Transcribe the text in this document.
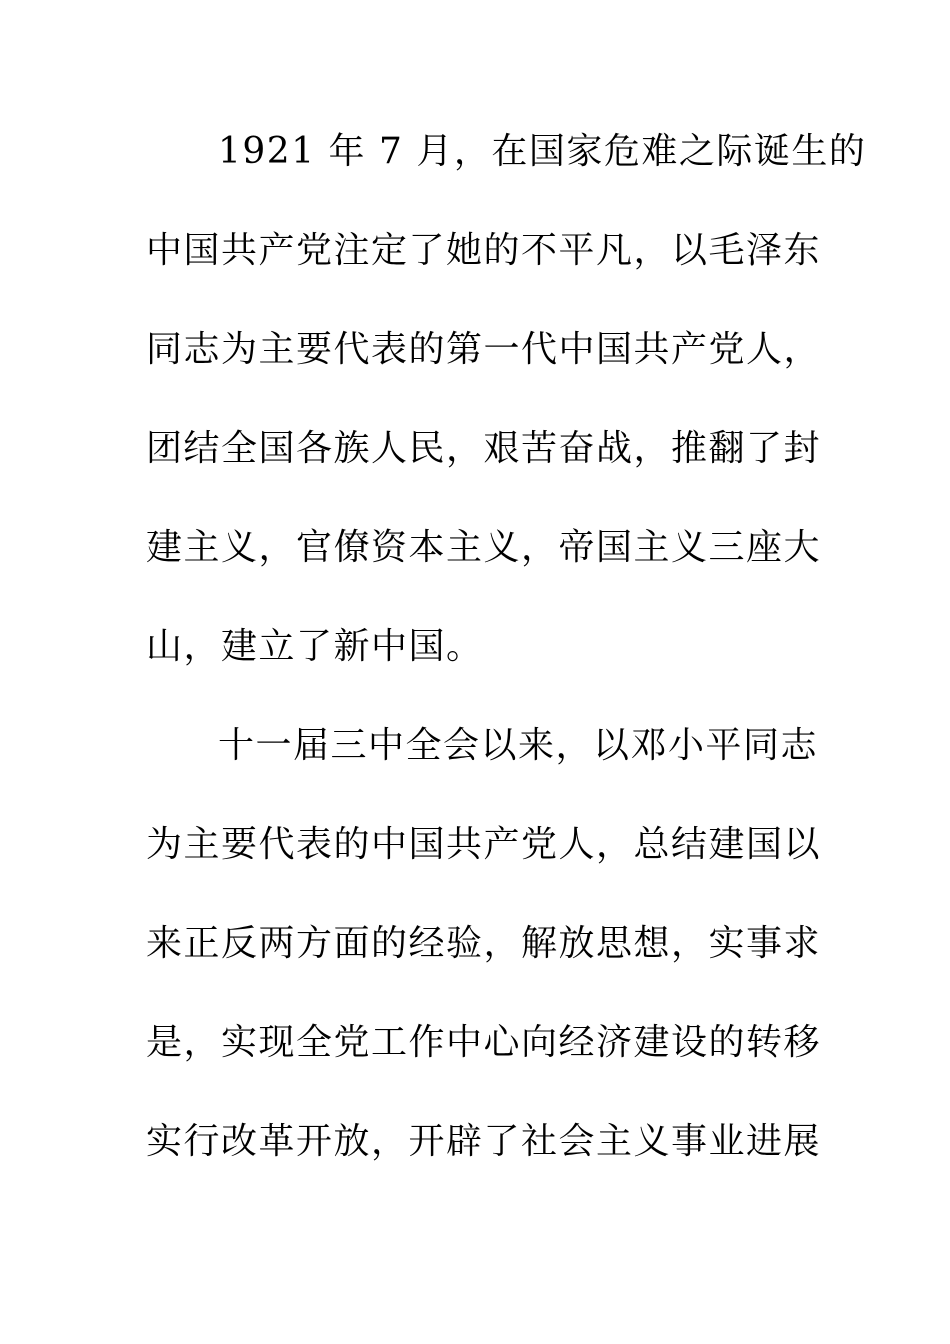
1921 年 7 月，在国家危难之际诞生的
中国共产党注定了她的不平凡，以毛泽东
同志为主要代表的第一代中国共产党人，
团结全国各族人民，艰苦奋战，推翻了封
建主义，官僚资本主义，帝国主义三座大
山，建立了新中国。
十一届三中全会以来，以邓小平同志
为主要代表的中国共产党人，总结建国以
来正反两方面的经验，解放思想，实事求
是，实现全党工作中心向经济建设的转移
实行改革开放，开辟了社会主义事业进展
